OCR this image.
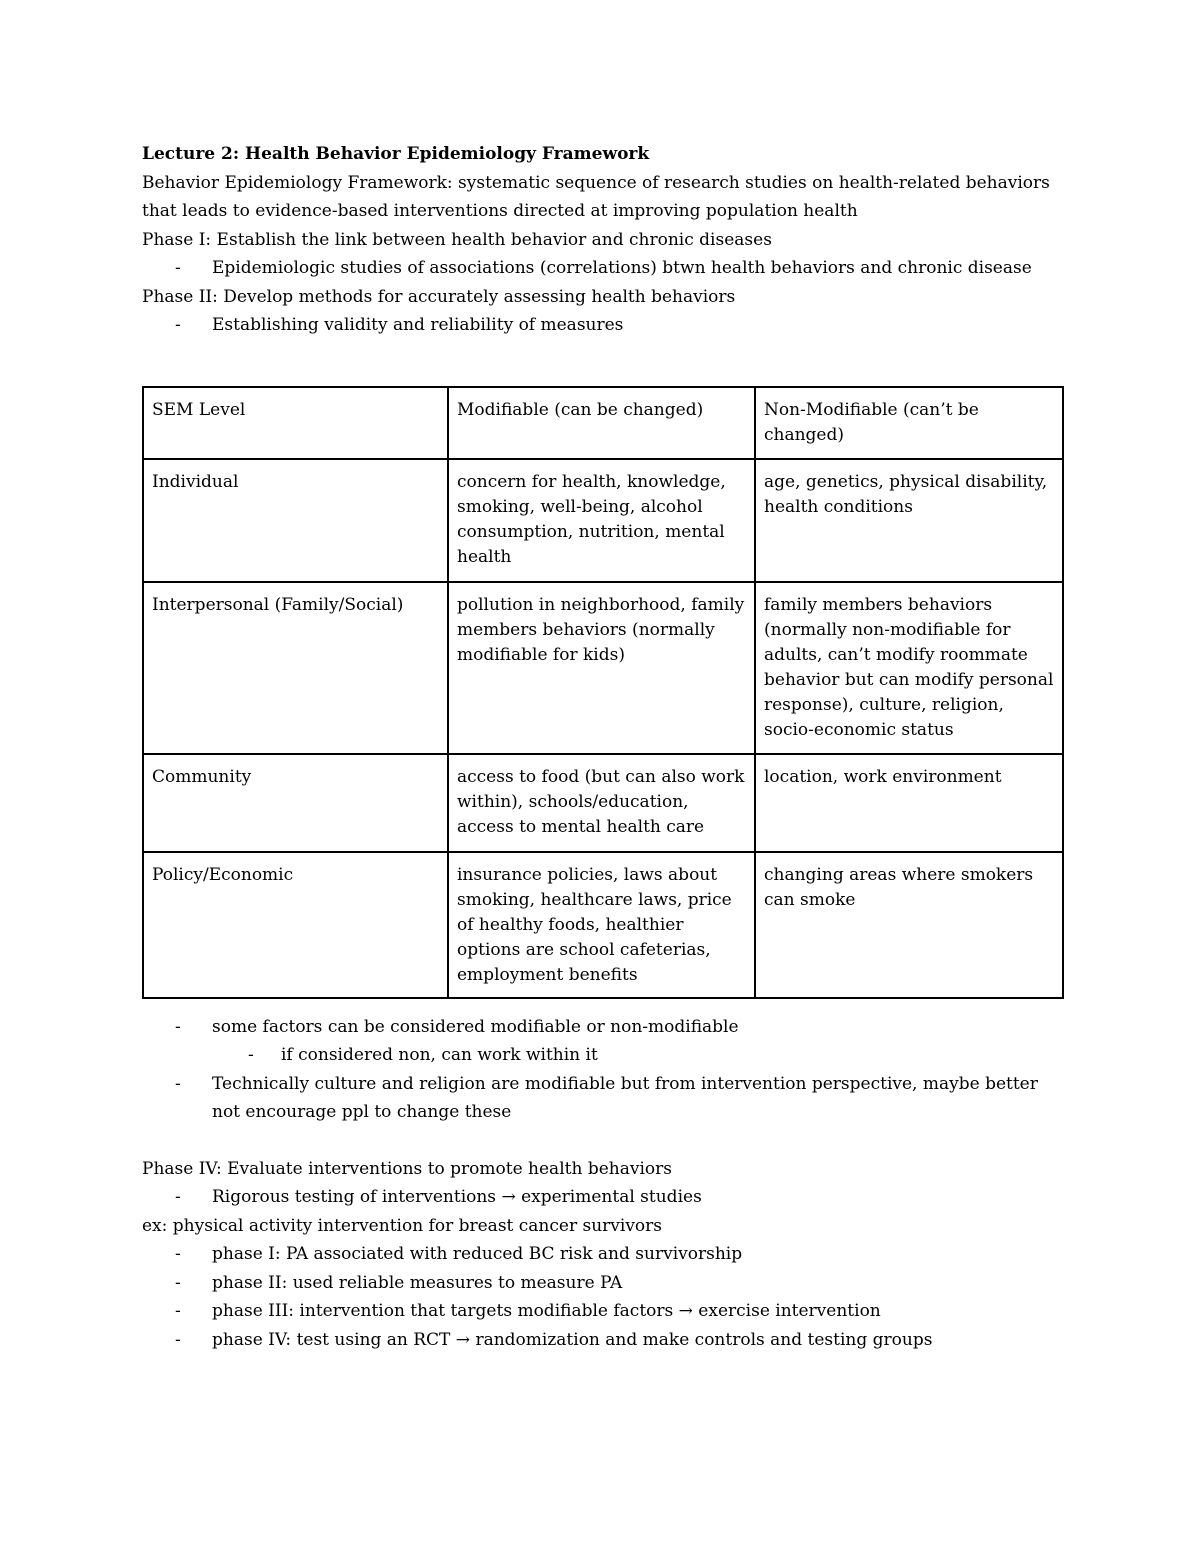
Lecture 2: Health Behavior Epidemiology Framework
Behavior Epidemiology Framework: systematic sequence of research studies on health-related behaviors that leads to evidence-based interventions directed at improving population health
Phase I: Establish the link between health behavior and chronic diseases
- Epidemiologic studies of associations (correlations) btwn health behaviors and chronic disease
Phase II: Develop methods for accurately assessing health behaviors
- Establishing validity and reliability of measures
SEM Level	Modifiable (can be changed)	Non-Modifiable (can’t be changed)
Individual	concern for health, knowledge, smoking, well-being, alcohol consumption, nutrition, mental health	age, genetics, physical disability, health conditions
Interpersonal (Family/Social)	pollution in neighborhood, family members behaviors (normally modifiable for kids)	family members behaviors (normally non-modifiable for adults, can’t modify roommate behavior but can modify personal response), culture, religion, socio-economic status
Community	access to food (but can also work within), schools/education, access to mental health care	location, work environment
Policy/Economic	insurance policies, laws about smoking, healthcare laws, price of healthy foods, healthier options are school cafeterias, employment benefits	changing areas where smokers can smoke
- some factors can be considered modifiable or non-modifiable
- if considered non, can work within it
- Technically culture and religion are modifiable but from intervention perspective, maybe better not encourage ppl to change these
Phase IV: Evaluate interventions to promote health behaviors
- Rigorous testing of interventions → experimental studies
ex: physical activity intervention for breast cancer survivors
- phase I: PA associated with reduced BC risk and survivorship
- phase II: used reliable measures to measure PA
- phase III: intervention that targets modifiable factors → exercise intervention
- phase IV: test using an RCT → randomization and make controls and testing groups
